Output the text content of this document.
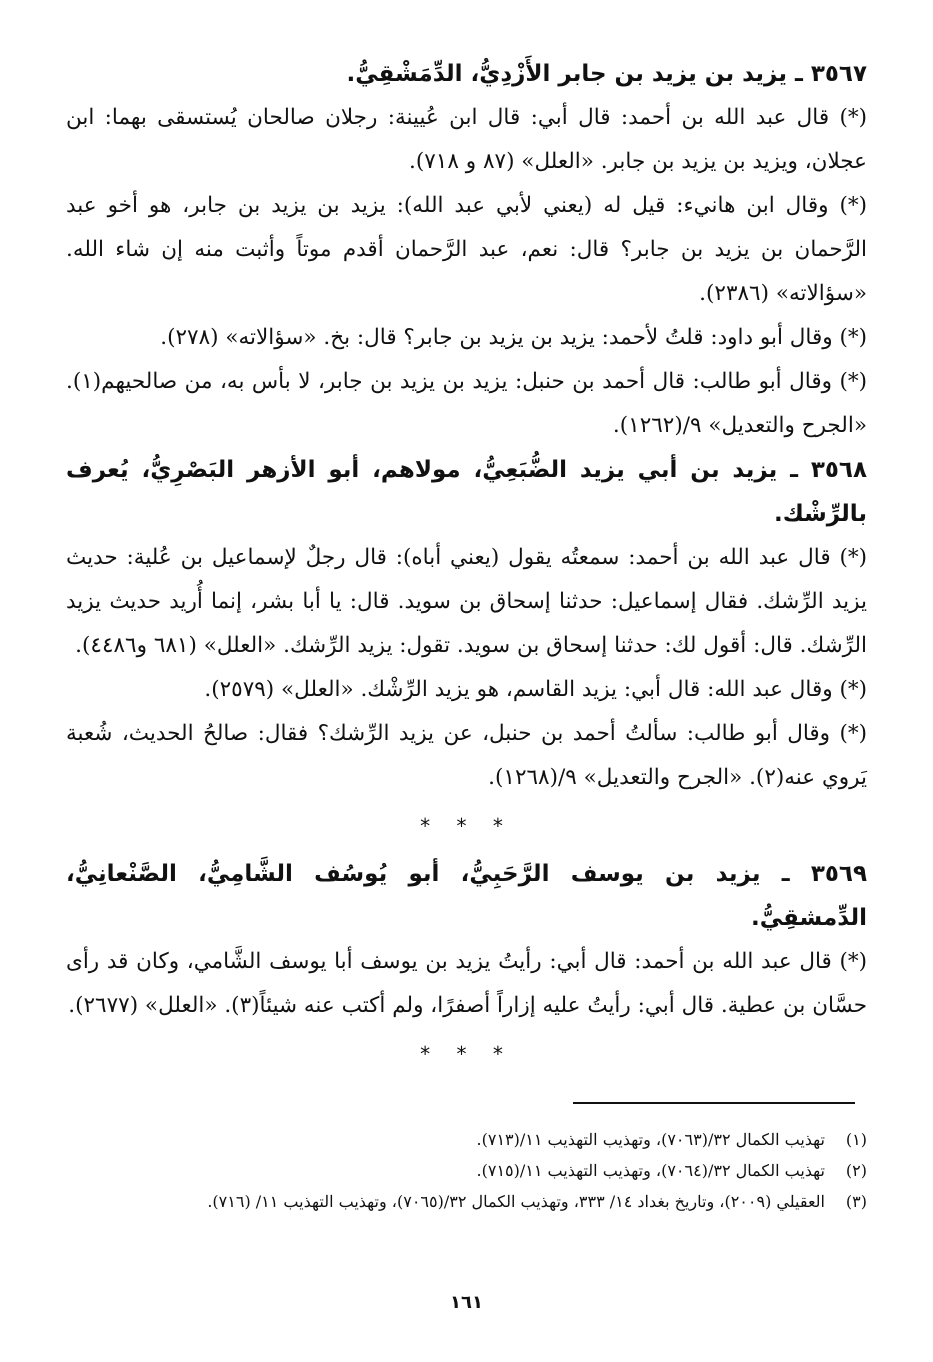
٣٥٦٧ ـ يزيد بن يزيد بن جابر الأَزْدِيُّ، الدِّمَشْقِيُّ.

(*) قال عبد الله بن أحمد: قال أبي: قال ابن عُيينة: رجلان صالحان يُستسقى بهما: ابن عجلان، ويزيد بن يزيد بن جابر. «العلل» (٨٧ و ٧١٨).

(*) وقال ابن هانيء: قيل له (يعني لأبي عبد الله): يزيد بن يزيد بن جابر، هو أخو عبد الرَّحمان بن يزيد بن جابر؟ قال: نعم، عبد الرَّحمان أقدم موتاً وأثبت منه إن شاء الله. «سؤالاته» (٢٣٨٦).

(*) وقال أبو داود: قلتُ لأحمد: يزيد بن يزيد بن جابر؟ قال: بخ. «سؤالاته» (٢٧٨).

(*) وقال أبو طالب: قال أحمد بن حنبل: يزيد بن يزيد بن جابر، لا بأس به، من صالحيهم(١). «الجرح والتعديل» ٩/(١٢٦٢).

٣٥٦٨ ـ يزيد بن أبي يزيد الضُّبَعِيُّ، مولاهم، أبو الأزهر البَصْرِيُّ، يُعرف بالرِّشْك.

(*) قال عبد الله بن أحمد: سمعتُه يقول (يعني أباه): قال رجلٌ لإسماعيل بن عُلية: حديث يزيد الرِّشك. فقال إسماعيل: حدثنا إسحاق بن سويد. قال: يا أبا بشر، إنما أُريد حديث يزيد الرِّشك. قال: أقول لك: حدثنا إسحاق بن سويد. تقول: يزيد الرِّشك. «العلل» (٦٨١ و٤٤٨٦).

(*) وقال عبد الله: قال أبي: يزيد القاسم، هو يزيد الرِّشْك. «العلل» (٢٥٧٩).

(*) وقال أبو طالب: سألتُ أحمد بن حنبل، عن يزيد الرِّشك؟ فقال: صالحُ الحديث، شُعبة يَروي عنه(٢). «الجرح والتعديل» ٩/(١٢٦٨).

* * *

٣٥٦٩ ـ يزيد بن يوسف الرَّحَبِيُّ، أبو يُوسُف الشَّامِيُّ، الصَّنْعانِيُّ، الدِّمشقِيُّ.

(*) قال عبد الله بن أحمد: قال أبي: رأيتُ يزيد بن يوسف أبا يوسف الشَّامي، وكان قد رأى حسَّان بن عطية. قال أبي: رأيتُ عليه إزاراً أصفرًا، ولم أكتب عنه شيئاً(٣). «العلل» (٢٦٧٧).

* * *

(١)
تهذيب الكمال ٣٢/(٧٠٦٣)، وتهذيب التهذيب ١١/(٧١٣).

(٢)
تهذيب الكمال ٣٢/(٧٠٦٤)، وتهذيب التهذيب ١١/(٧١٥).

(٣)
العقيلي (٢٠٠٩)، وتاريخ بغداد ١٤/ ٣٣٣، وتهذيب الكمال ٣٢/(٧٠٦٥)، وتهذيب التهذيب ١١/ (٧١٦).

١٦١
